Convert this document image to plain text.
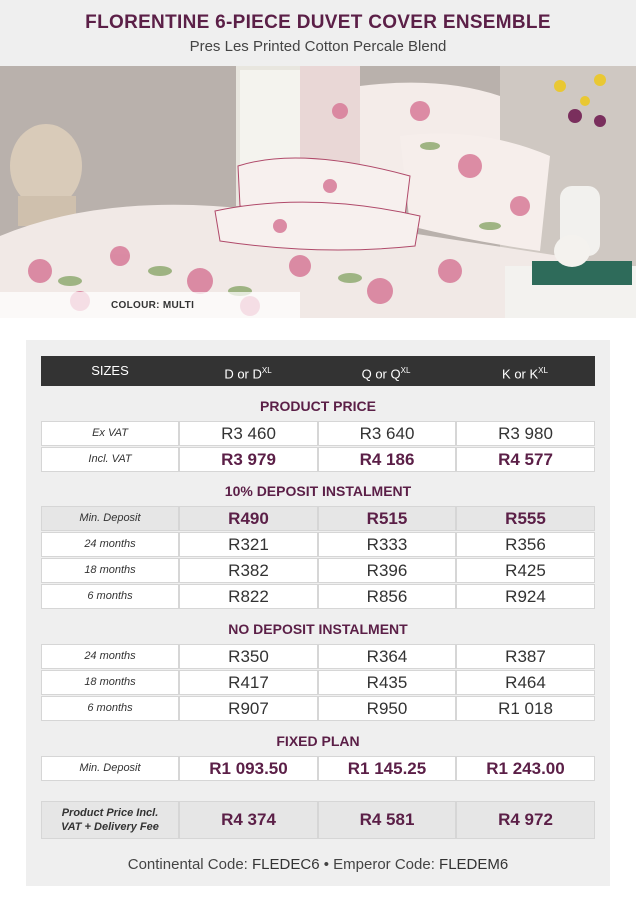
FLORENTINE 6-PIECE DUVET COVER ENSEMBLE
Pres Les Printed Cotton Percale Blend
COLOUR: MULTI
SIZES	D or $D^{XL}$	Q or $Q^{XL}$	K or $K^{XL}$
PRODUCT PRICE
Ex VAT	R3 460	R3 640	R3 980
Incl. VAT	R3 979	R4 186	R4 577
10% DEPOSIT INSTALMENT
Min. Deposit	R490	R515	R555
24 months	R321	R333	R356
18 months	R382	R396	R425
6 months	R822	R856	R924
NO DEPOSIT INSTALMENT
24 months	R350	R364	R387
18 months	R417	R435	R464
6 months	R907	R950	R1 018
FIXED PLAN
Min. Deposit	R1 093.50	R1 145.25	R1 243.00
Product Price Incl.
VAT + Delivery Fee	R4 374	R4 581	R4 972
Continental Code: FLEDEC6 • Emperor Code: FLEDEM6
